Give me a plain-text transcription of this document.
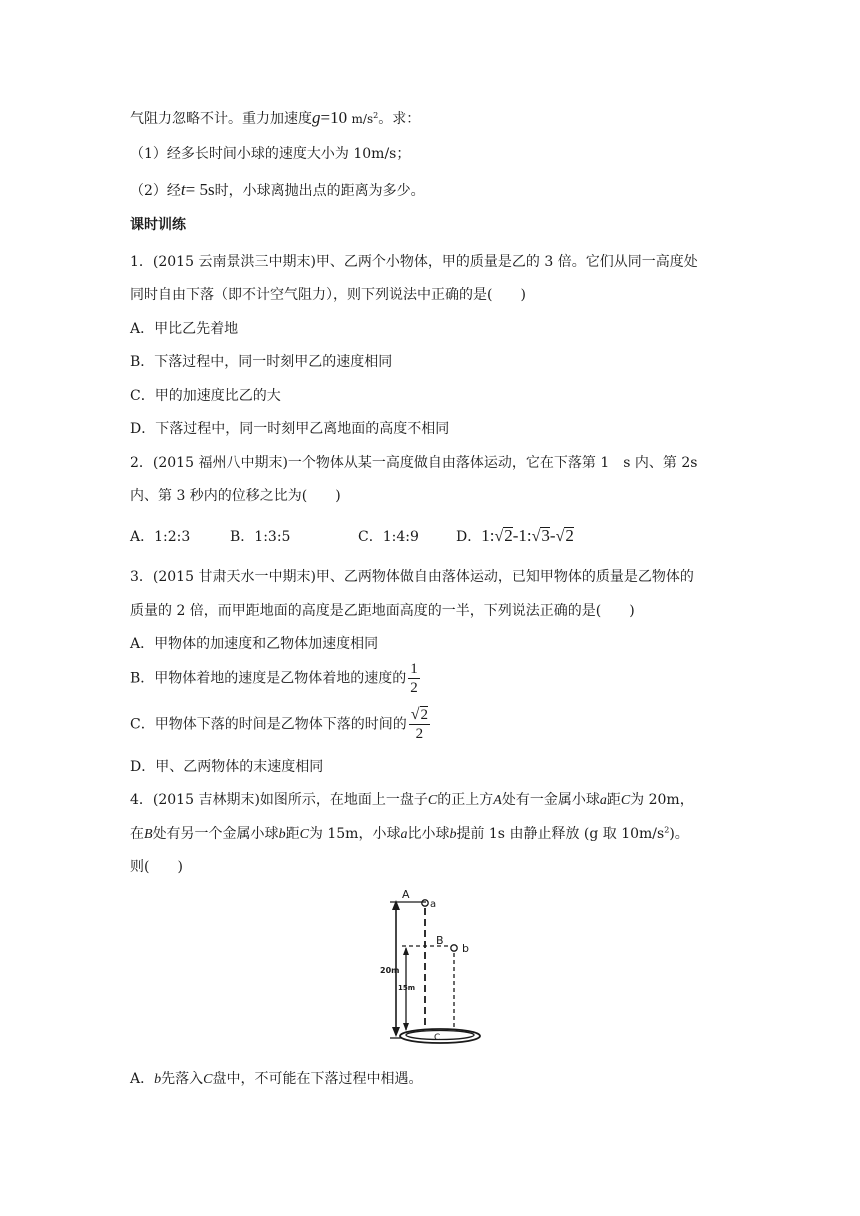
气阻力忽略不计。重力加速度g=10 $m/s^2$。求：
（1）经多长时间小球的速度大小为 10m/s；
（2）经t= 5s时，小球离抛出点的距离为多少。
课时训练
1．(2015 云南景洪三中期末)甲、乙两个小物体，甲的质量是乙的 3 倍。它们从同一高度处
同时自由下落（即不计空气阻力），则下列说法中正确的是(　　)
A．甲比乙先着地
B．下落过程中，同一时刻甲乙的速度相同
C．甲的加速度比乙的大
D．下落过程中，同一时刻甲乙离地面的高度不相同
2．(2015 福州八中期末)一个物体从某一高度做自由落体运动，它在下落第 1　s 内、第 2s
内、第 3 秒内的位移之比为(　　)
A．1:2:3	B．1:3:5	C．1:4:9	D．1:√2-1:√3-√2
3．(2015 甘肃天水一中期末)甲、乙两物体做自由落体运动，已知甲物体的质量是乙物体的
质量的 2 倍，而甲距地面的高度是乙距地面高度的一半，下列说法正确的是(　　)
A．甲物体的加速度和乙物体加速度相同
B．甲物体着地的速度是乙物体着地的速度的 $\frac{1}{2}$
C．甲物体下落的时间是乙物体下落的时间的 $\frac{√2}{2}$
D．甲、乙两物体的末速度相同
4．(2015 吉林期末)如图所示，在地面上一盘子C的正上方A处有一金属小球a距C为 20m，
在B处有另一个金属小球b距C为 15m，小球a比小球b提前 1s 由静止释放 (g 取 $10m/s^2$)。
则(　　)
A
a
B
b
C
20m
15m
A．b先落入C盘中，不可能在下落过程中相遇。
